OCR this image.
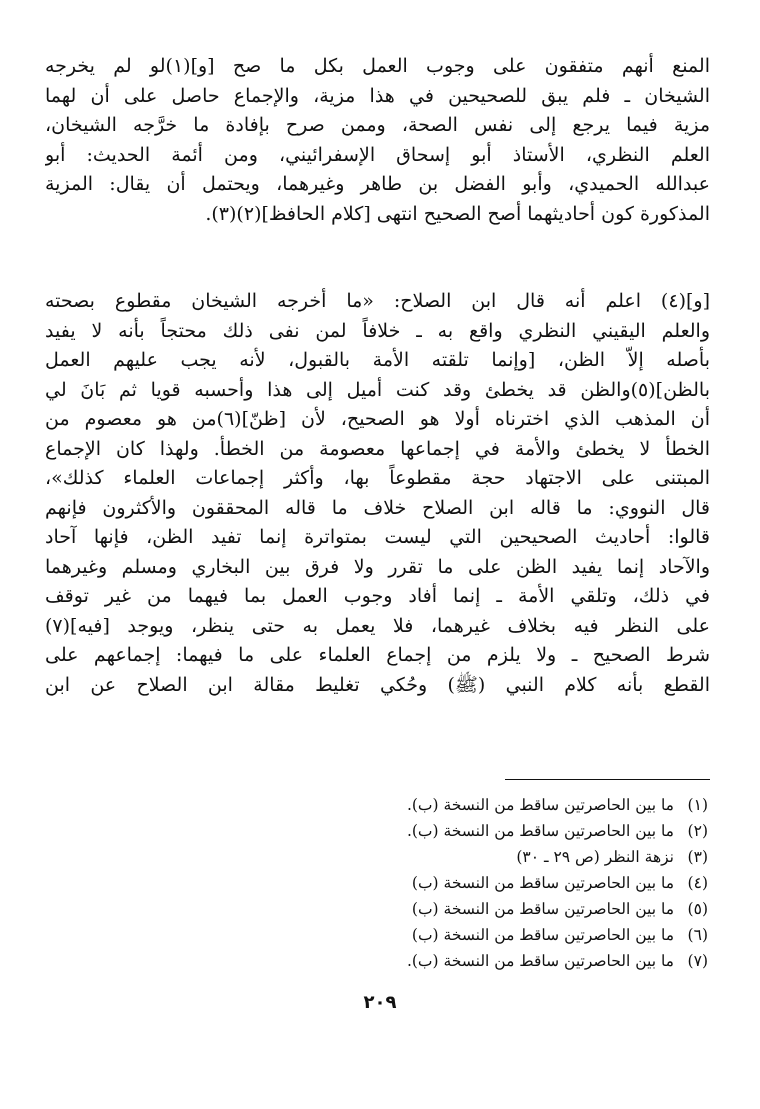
المنع أنهم متفقون على وجوب العمل بكل ما صح [و](١)لو لم يخرجه
الشيخان ـ فلم يبق للصحيحين في هذا مزية، والإجماع حاصل على أن لهما
مزية فيما يرجع إلى نفس الصحة، وممن صرح بإفادة ما خرَّجه الشيخان،
العلم النظري، الأستاذ أبو إسحاق الإسفرائيني، ومن أئمة الحديث: أبو
عبدالله الحميدي، وأبو الفضل بن طاهر وغيرهما، ويحتمل أن يقال: المزية
المذكورة كون أحاديثهما أصح الصحيح انتهى [كلام الحافظ](٢)(٣).
[و](٤) اعلم أنه قال ابن الصلاح: «ما أخرجه الشيخان مقطوع بصحته
والعلم اليقيني النظري واقع به ـ خلافاً لمن نفى ذلك محتجاً بأنه لا يفيد
بأصله إلاّ الظن، [وإنما تلقته الأمة بالقبول، لأنه يجب عليهم العمل
بالظن](٥)والظن قد يخطئ وقد كنت أميل إلى هذا وأحسبه قويا ثم بَانَ لي
أن المذهب الذي اخترناه أولا هو الصحيح، لأن [ظنّ](٦)من هو معصوم من
الخطأ لا يخطئ والأمة في إجماعها معصومة من الخطأ. ولهذا كان الإجماع
المبتنى على الاجتهاد حجة مقطوعاً بها، وأكثر إجماعات العلماء كذلك»،
قال النووي: ما قاله ابن الصلاح خلاف ما قاله المحققون والأكثرون فإنهم
قالوا: أحاديث الصحيحين التي ليست بمتواترة إنما تفيد الظن، فإنها آحاد
والآحاد إنما يفيد الظن على ما تقرر ولا فرق بين البخاري ومسلم وغيرهما
في ذلك، وتلقي الأمة ـ إنما أفاد وجوب العمل بما فيهما من غير توقف
على النظر فيه بخلاف غيرهما، فلا يعمل به حتى ينظر، ويوجد [فيه](٧)
شرط الصحيح ـ ولا يلزم من إجماع العلماء على ما فيهما: إجماعهم على
القطع بأنه كلام النبي (ﷺ) وحُكي تغليط مقالة ابن الصلاح عن ابن
(١)ما بين الحاصرتين ساقط من النسخة (ب).
(٢)ما بين الحاصرتين ساقط من النسخة (ب).
(٣)نزهة النظر (ص ٢٩ ـ ٣٠)
(٤)ما بين الحاصرتين ساقط من النسخة (ب)
(٥)ما بين الحاصرتين ساقط من النسخة (ب)
(٦)ما بين الحاصرتين ساقط من النسخة (ب)
(٧)ما بين الحاصرتين ساقط من النسخة (ب).
٢٠٩
